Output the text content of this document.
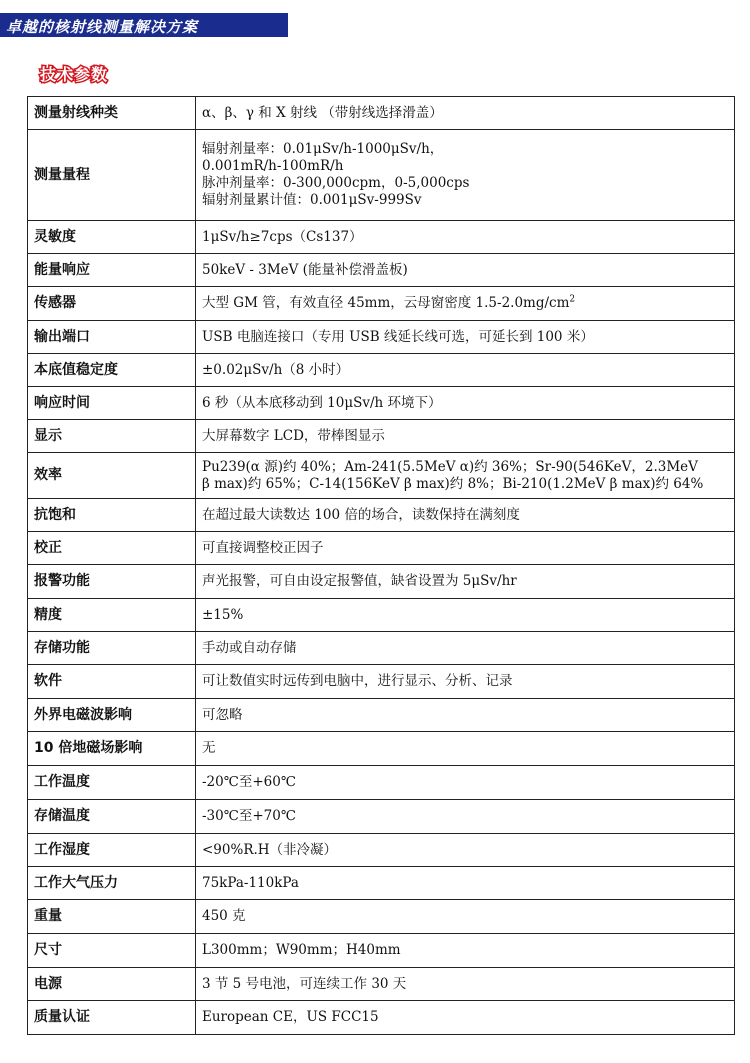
卓越的核射线测量解决方案
技术参数
测量射线种类	α、β、γ 和 X 射线 （带射线选择滑盖）

测量量程	辐射剂量率：0.01μSv/h-1000μSv/h，
0.001mR/h-100mR/h
脉冲剂量率：0-300,000cpm，0-5,000cps
辐射剂量累计值：0.001μSv-999Sv

灵敏度	1μSv/h≥7cps（Cs137）

能量响应	50keV - 3MeV (能量补偿滑盖板)

传感器	大型 GM 管，有效直径 45mm，云母窗密度 $1.5-2.0mg/cm^2$
输出端口	USB 电脑连接口（专用 USB 线延长线可选，可延长到 100 米）

本底值稳定度	±0.02μSv/h（8 小时）

响应时间	6 秒（从本底移动到 10μSv/h 环境下）

显示	大屏幕数字 LCD，带棒图显示

效率	Pu239(α 源)约 40%；Am-241(5.5MeV α)约 36%；Sr-90(546KeV，2.3MeV
β max)约 65%；C-14(156KeV β max)约 8%；Bi-210(1.2MeV β max)约 64%

抗饱和	在超过最大读数达 100 倍的场合，读数保持在满刻度

校正	可直接调整校正因子

报警功能	声光报警，可自由设定报警值，缺省设置为 5μSv/hr

精度	±15%

存储功能	手动或自动存储

软件	可让数值实时远传到电脑中，进行显示、分析、记录

外界电磁波影响	可忽略

10 倍地磁场影响	无

工作温度	-20℃至+60℃

存储温度	-30℃至+70℃

工作湿度	<90%R.H（非冷凝）

工作大气压力	75kPa-110kPa

重量	450 克

尺寸	L300mm；W90mm；H40mm

电源	3 节 5 号电池，可连续工作 30 天

质量认证	European CE，US FCC15
